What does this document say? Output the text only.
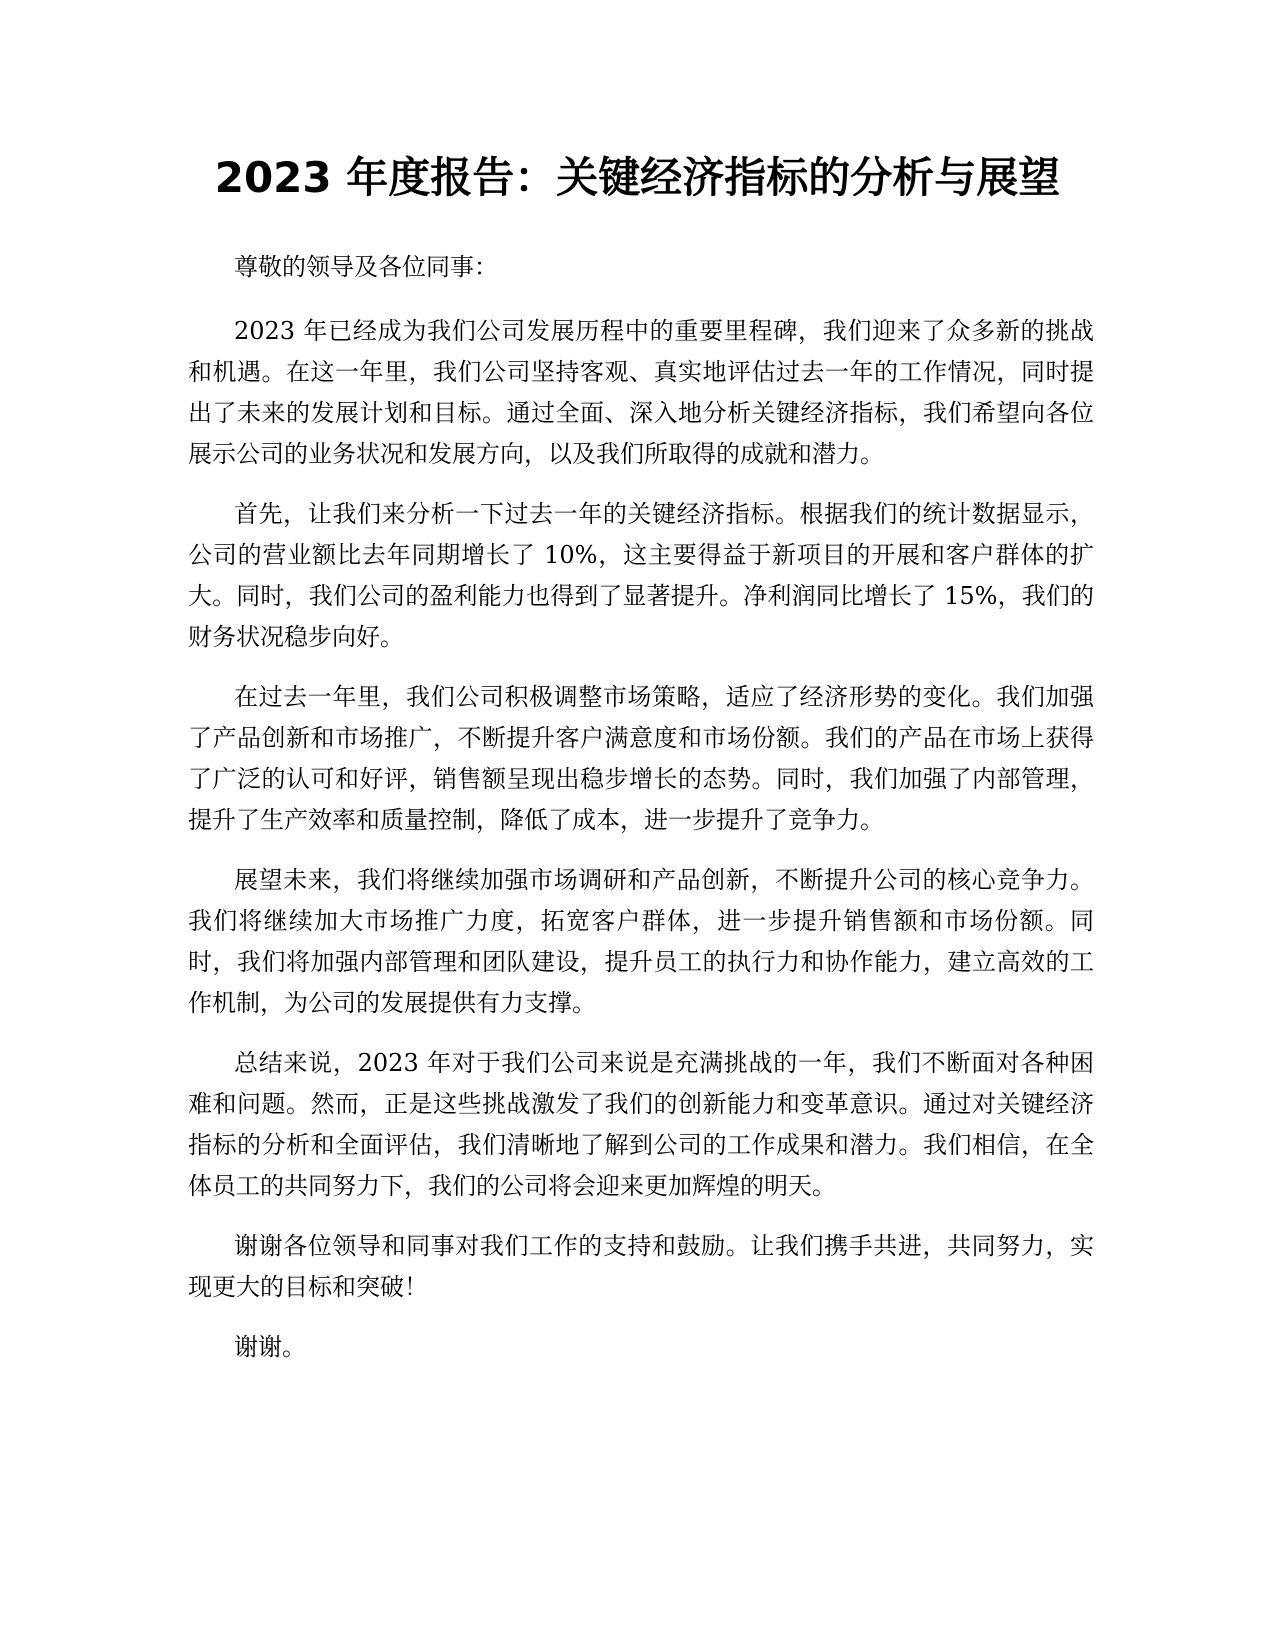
2023 年度报告：关键经济指标的分析与展望

尊敬的领导及各位同事：

2023 年已经成为我们公司发展历程中的重要里程碑，我们迎来了众多新的挑战和机遇。在这一年里，我们公司坚持客观、真实地评估过去一年的工作情况，同时提出了未来的发展计划和目标。通过全面、深入地分析关键经济指标，我们希望向各位展示公司的业务状况和发展方向，以及我们所取得的成就和潜力。

首先，让我们来分析一下过去一年的关键经济指标。根据我们的统计数据显示，公司的营业额比去年同期增长了 10%，这主要得益于新项目的开展和客户群体的扩大。同时，我们公司的盈利能力也得到了显著提升。净利润同比增长了 15%，我们的财务状况稳步向好。

在过去一年里，我们公司积极调整市场策略，适应了经济形势的变化。我们加强了产品创新和市场推广，不断提升客户满意度和市场份额。我们的产品在市场上获得了广泛的认可和好评，销售额呈现出稳步增长的态势。同时，我们加强了内部管理，提升了生产效率和质量控制，降低了成本，进一步提升了竞争力。

展望未来，我们将继续加强市场调研和产品创新，不断提升公司的核心竞争力。我们将继续加大市场推广力度，拓宽客户群体，进一步提升销售额和市场份额。同时，我们将加强内部管理和团队建设，提升员工的执行力和协作能力，建立高效的工作机制，为公司的发展提供有力支撑。

总结来说，2023 年对于我们公司来说是充满挑战的一年，我们不断面对各种困难和问题。然而，正是这些挑战激发了我们的创新能力和变革意识。通过对关键经济指标的分析和全面评估，我们清晰地了解到公司的工作成果和潜力。我们相信，在全体员工的共同努力下，我们的公司将会迎来更加辉煌的明天。

谢谢各位领导和同事对我们工作的支持和鼓励。让我们携手共进，共同努力，实现更大的目标和突破！

谢谢。
